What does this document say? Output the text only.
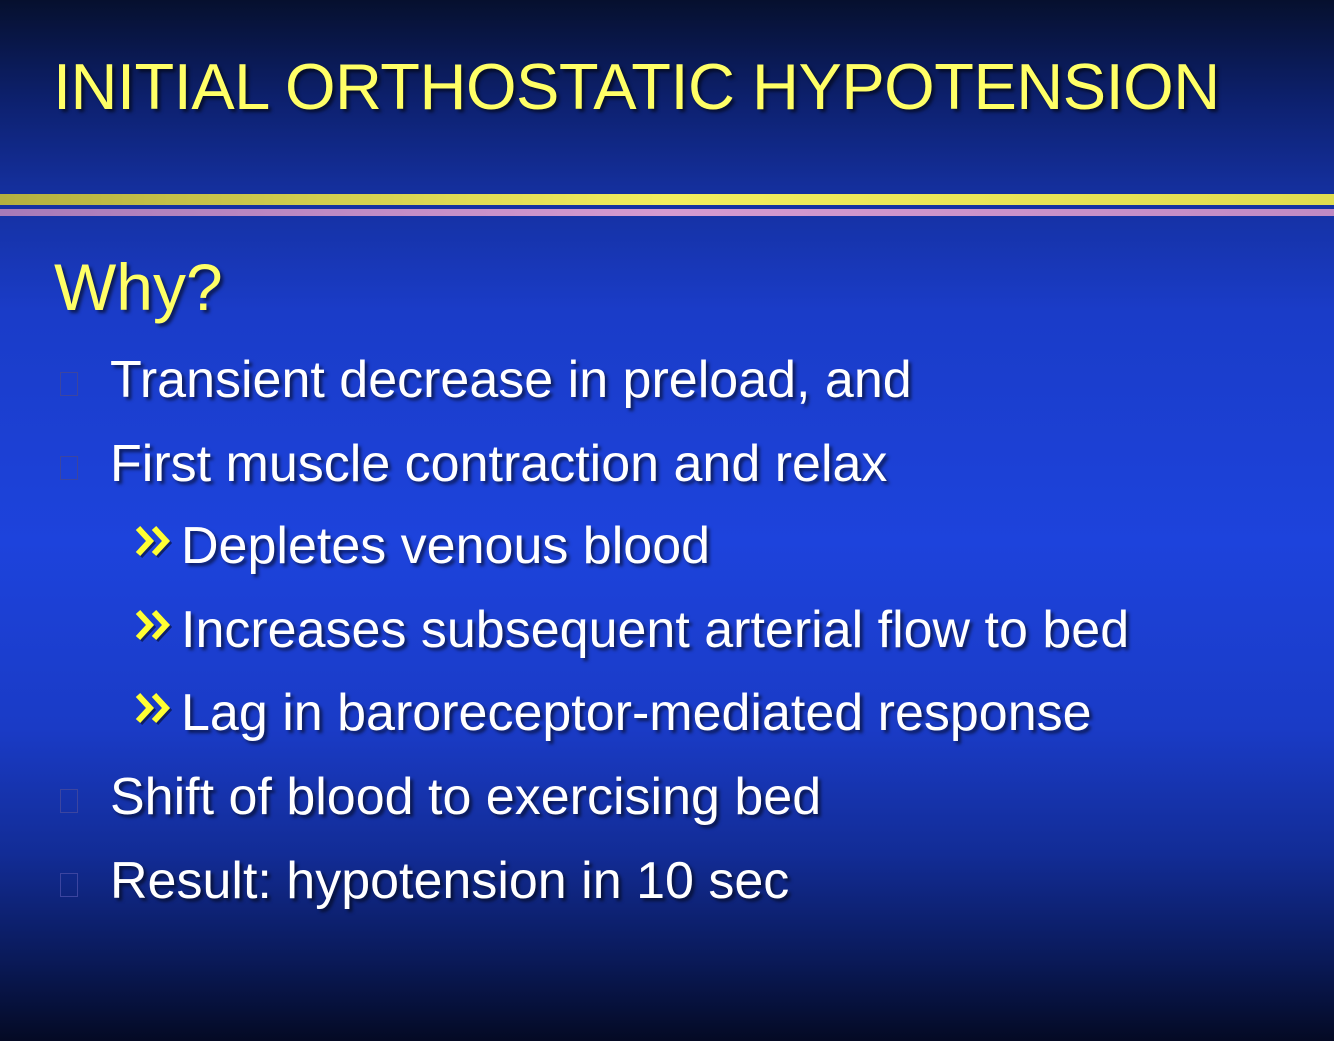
INITIAL ORTHOSTATIC HYPOTENSION
Why?
Transient decrease in preload, and
First muscle contraction and relax
Depletes venous blood
Increases subsequent arterial flow to bed
Lag in baroreceptor-mediated response
Shift of blood to exercising bed
Result: hypotension in 10 sec
